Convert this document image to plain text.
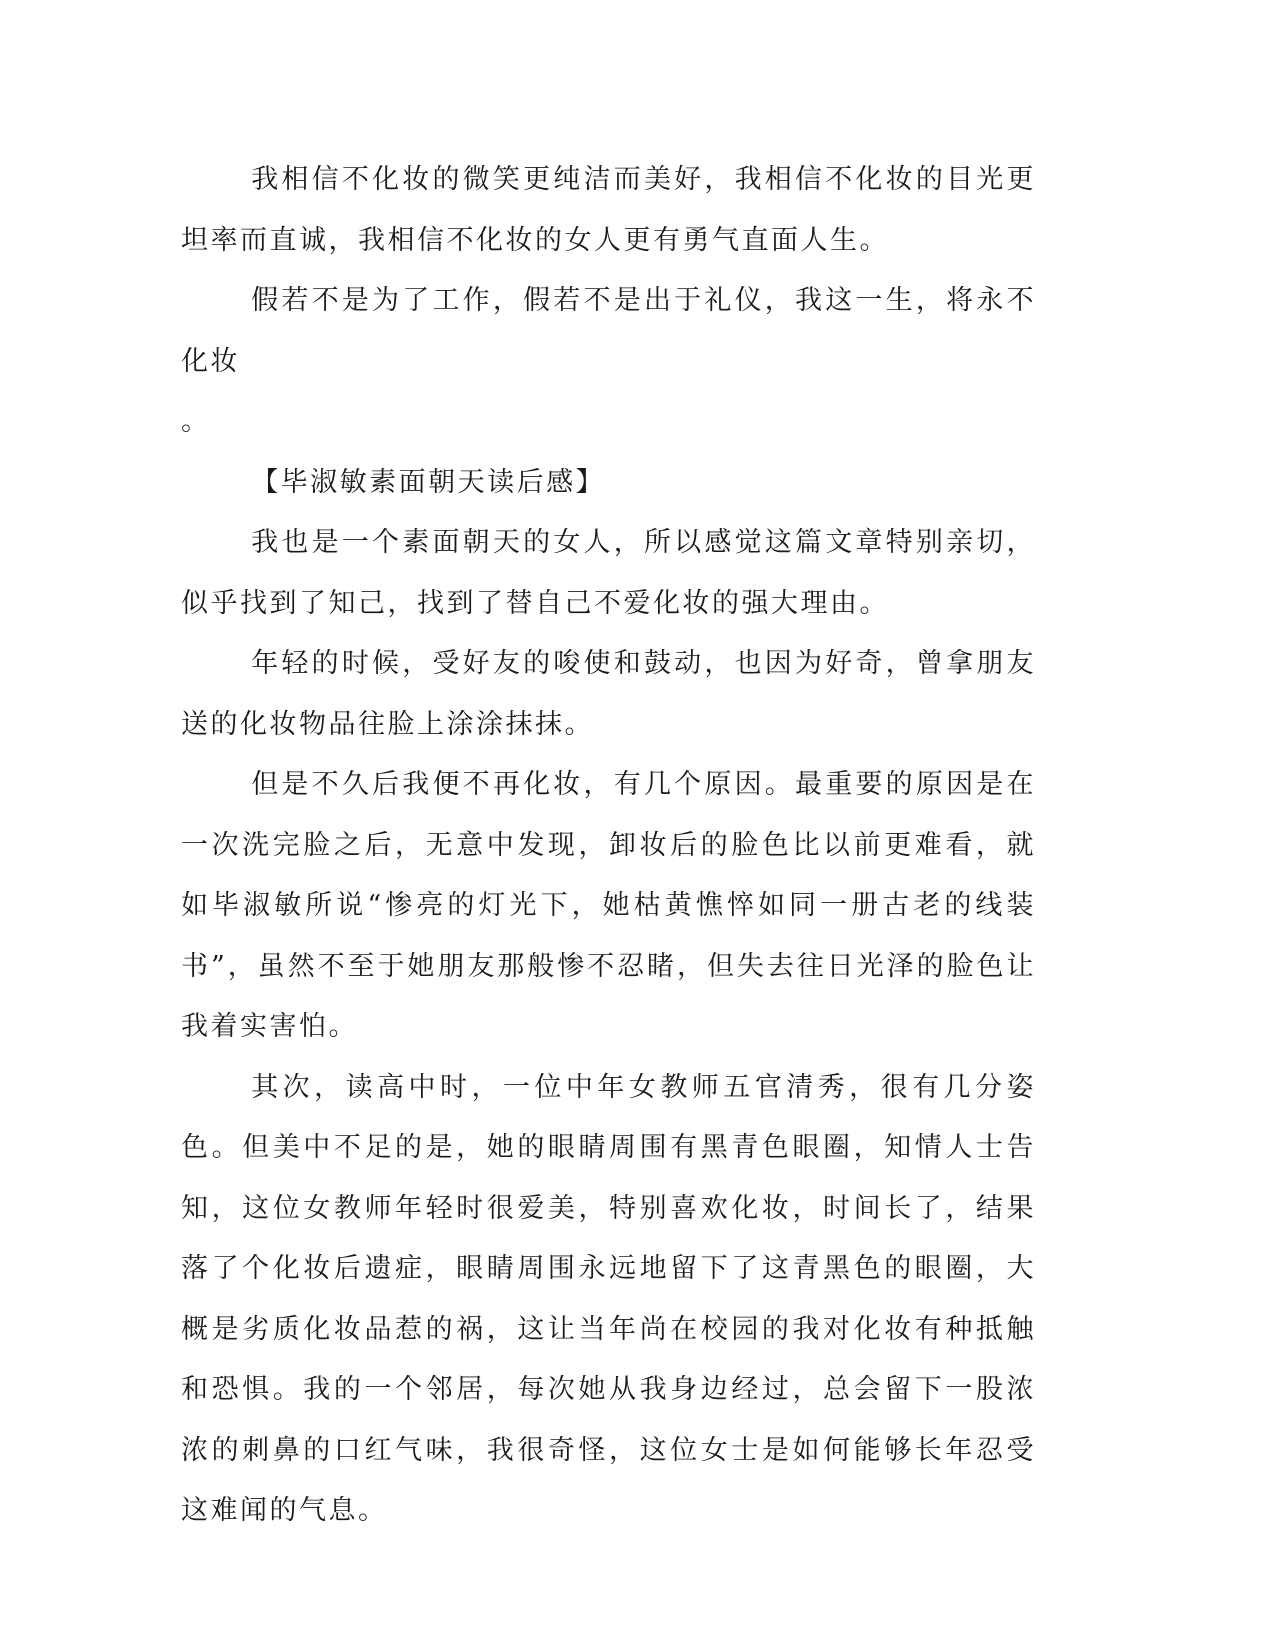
我相信不化妆的微笑更纯洁而美好，我相信不化妆的目光更坦率而直诚，我相信不化妆的女人更有勇气直面人生。

假若不是为了工作，假若不是出于礼仪，我这一生，将永不化妆

。

【毕淑敏素面朝天读后感】

我也是一个素面朝天的女人，所以感觉这篇文章特别亲切，似乎找到了知己，找到了替自己不爱化妆的强大理由。

年轻的时候，受好友的唆使和鼓动，也因为好奇，曾拿朋友送的化妆物品往脸上涂涂抹抹。

但是不久后我便不再化妆，有几个原因。最重要的原因是在一次洗完脸之后，无意中发现，卸妆后的脸色比以前更难看，就如毕淑敏所说“惨亮的灯光下，她枯黄憔悴如同一册古老的线装书”，虽然不至于她朋友那般惨不忍睹，但失去往日光泽的脸色让我着实害怕。

其次，读高中时，一位中年女教师五官清秀，很有几分姿色。但美中不足的是，她的眼睛周围有黑青色眼圈，知情人士告知，这位女教师年轻时很爱美，特别喜欢化妆，时间长了，结果落了个化妆后遗症，眼睛周围永远地留下了这青黑色的眼圈，大概是劣质化妆品惹的祸，这让当年尚在校园的我对化妆有种抵触和恐惧。我的一个邻居，每次她从我身边经过，总会留下一股浓浓的刺鼻的口红气味，我很奇怪，这位女士是如何能够长年忍受这难闻的气息。
